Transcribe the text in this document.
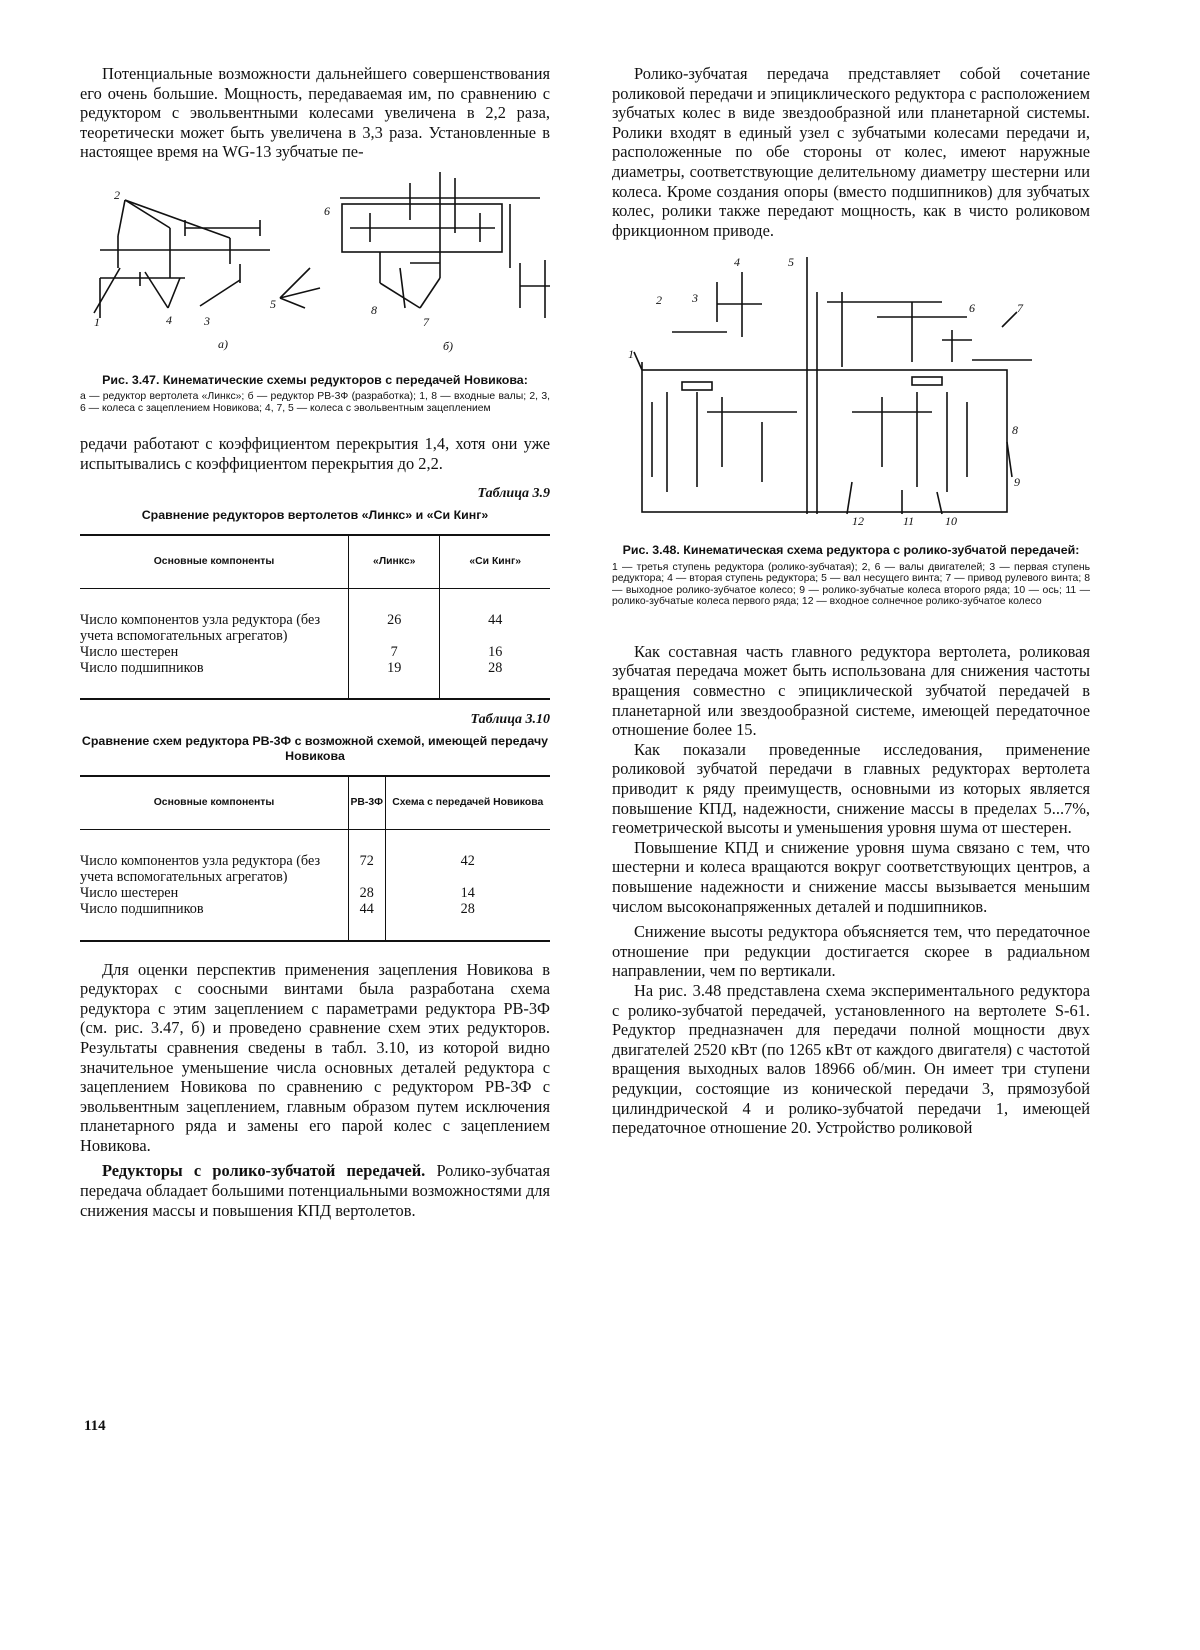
Потенциальные возможности дальнейшего совершенствования его очень большие. Мощность, передаваемая им, по сравнению с редуктором с эвольвентными колесами увеличена в 2,2 раза, теоретически может быть увеличена в 3,3 раза. Установленные в настоящее время на WG-13 зубчатые пе-

2
6
1	4	3
5	8
7
а)	б)
Рис. 3.47. Кинематические схемы редукторов с передачей Новикова:
а — редуктор вертолета «Линкс»; б — редуктор РВ-3Ф (разработка); 1, 8 — входные валы; 2, 3, 6 — колеса с зацеплением Новикова; 4, 7, 5 — колеса с эвольвентным зацеплением

редачи работают с коэффициентом перекрытия 1,4, хотя они уже испытывались с коэффициентом перекрытия до 2,2.

Таблица 3.9
Сравнение редукторов вертолетов «Линкс» и «Си Кинг»
Основные компоненты	«Линкс»	«Си Кинг»
Число компонентов узла редуктора (без учета вспомогательных агрегатов)	26	44
Число шестерен	7	16
Число подшипников	19	28
Таблица 3.10
Сравнение схем редуктора РВ-3Ф с возможной схемой, имеющей передачу Новикова
Основные компоненты	РВ-3Ф	Схема с передачей Новикова
Число компонентов узла редуктора (без учета вспомогательных агрегатов)	72	42
Число шестерен	28	14
Число подшипников	44	28

Для оценки перспектив применения зацепления Новикова в редукторах с соосными винтами была разработана схема редуктора с этим зацеплением с параметрами редуктора РВ-3Ф (см. рис. 3.47, б) и проведено сравнение схем этих редукторов. Результаты сравнения сведены в табл. 3.10, из которой видно значительное уменьшение числа основных деталей редуктора с зацеплением Новикова по сравнению с редуктором РВ-3Ф с эвольвентным зацеплением, главным образом путем исключения планетарного ряда и замены его парой колес с зацеплением Новикова.

Редукторы с ролико-зубчатой передачей. Ролико-зубчатая передача обладает большими потенциальными возможностями для снижения массы и повышения КПД вертолетов.

Ролико-зубчатая передача представляет собой сочетание роликовой передачи и эпициклического редуктора с расположением зубчатых колес в виде звездообразной или планетарной системы. Ролики входят в единый узел с зубчатыми колесами передачи и, расположенные по обе стороны от колес, имеют наружные диаметры, соответствующие делительному диаметру шестерни или колеса. Кроме создания опоры (вместо подшипников) для зубчатых колес, ролики также передают мощность, как в чисто роликовом фрикционном приводе.

4	5
2	3
6	7
1
8
9
12	11	10
Рис. 3.48. Кинематическая схема редуктора с ролико-зубчатой передачей:
1 — третья ступень редуктора (ролико-зубчатая); 2, 6 — валы двигателей; 3 — первая ступень редуктора; 4 — вторая ступень редуктора; 5 — вал несущего винта; 7 — привод рулевого винта; 8 — выходное ролико-зубчатое колесо; 9 — ролико-зубчатые колеса второго ряда; 10 — ось; 11 — ролико-зубчатые колеса первого ряда; 12 — входное солнечное ролико-зубчатое колесо

Как составная часть главного редуктора вертолета, роликовая зубчатая передача может быть использована для снижения частоты вращения совместно с эпициклической зубчатой передачей в планетарной или звездообразной системе, имеющей передаточное отношение более 15.

Как показали проведенные исследования, применение роликовой зубчатой передачи в главных редукторах вертолета приводит к ряду преимуществ, основными из которых является повышение КПД, надежности, снижение массы в пределах 5...7%, геометрической высоты и уменьшения уровня шума от шестерен.

Повышение КПД и снижение уровня шума связано с тем, что шестерни и колеса вращаются вокруг соответствующих центров, а повышение надежности и снижение массы вызывается меньшим числом высоконапряженных деталей и подшипников.

Снижение высоты редуктора объясняется тем, что передаточное отношение при редукции достигается скорее в радиальном направлении, чем по вертикали.

На рис. 3.48 представлена схема экспериментального редуктора с ролико-зубчатой передачей, установленного на вертолете S-61. Редуктор предназначен для передачи полной мощности двух двигателей 2520 кВт (по 1265 кВт от каждого двигателя) с частотой вращения выходных валов 18966 об/мин. Он имеет три ступени редукции, состоящие из конической передачи 3, прямозубой цилиндрической 4 и ролико-зубчатой передачи 1, имеющей передаточное отношение 20. Устройство роликовой

114
